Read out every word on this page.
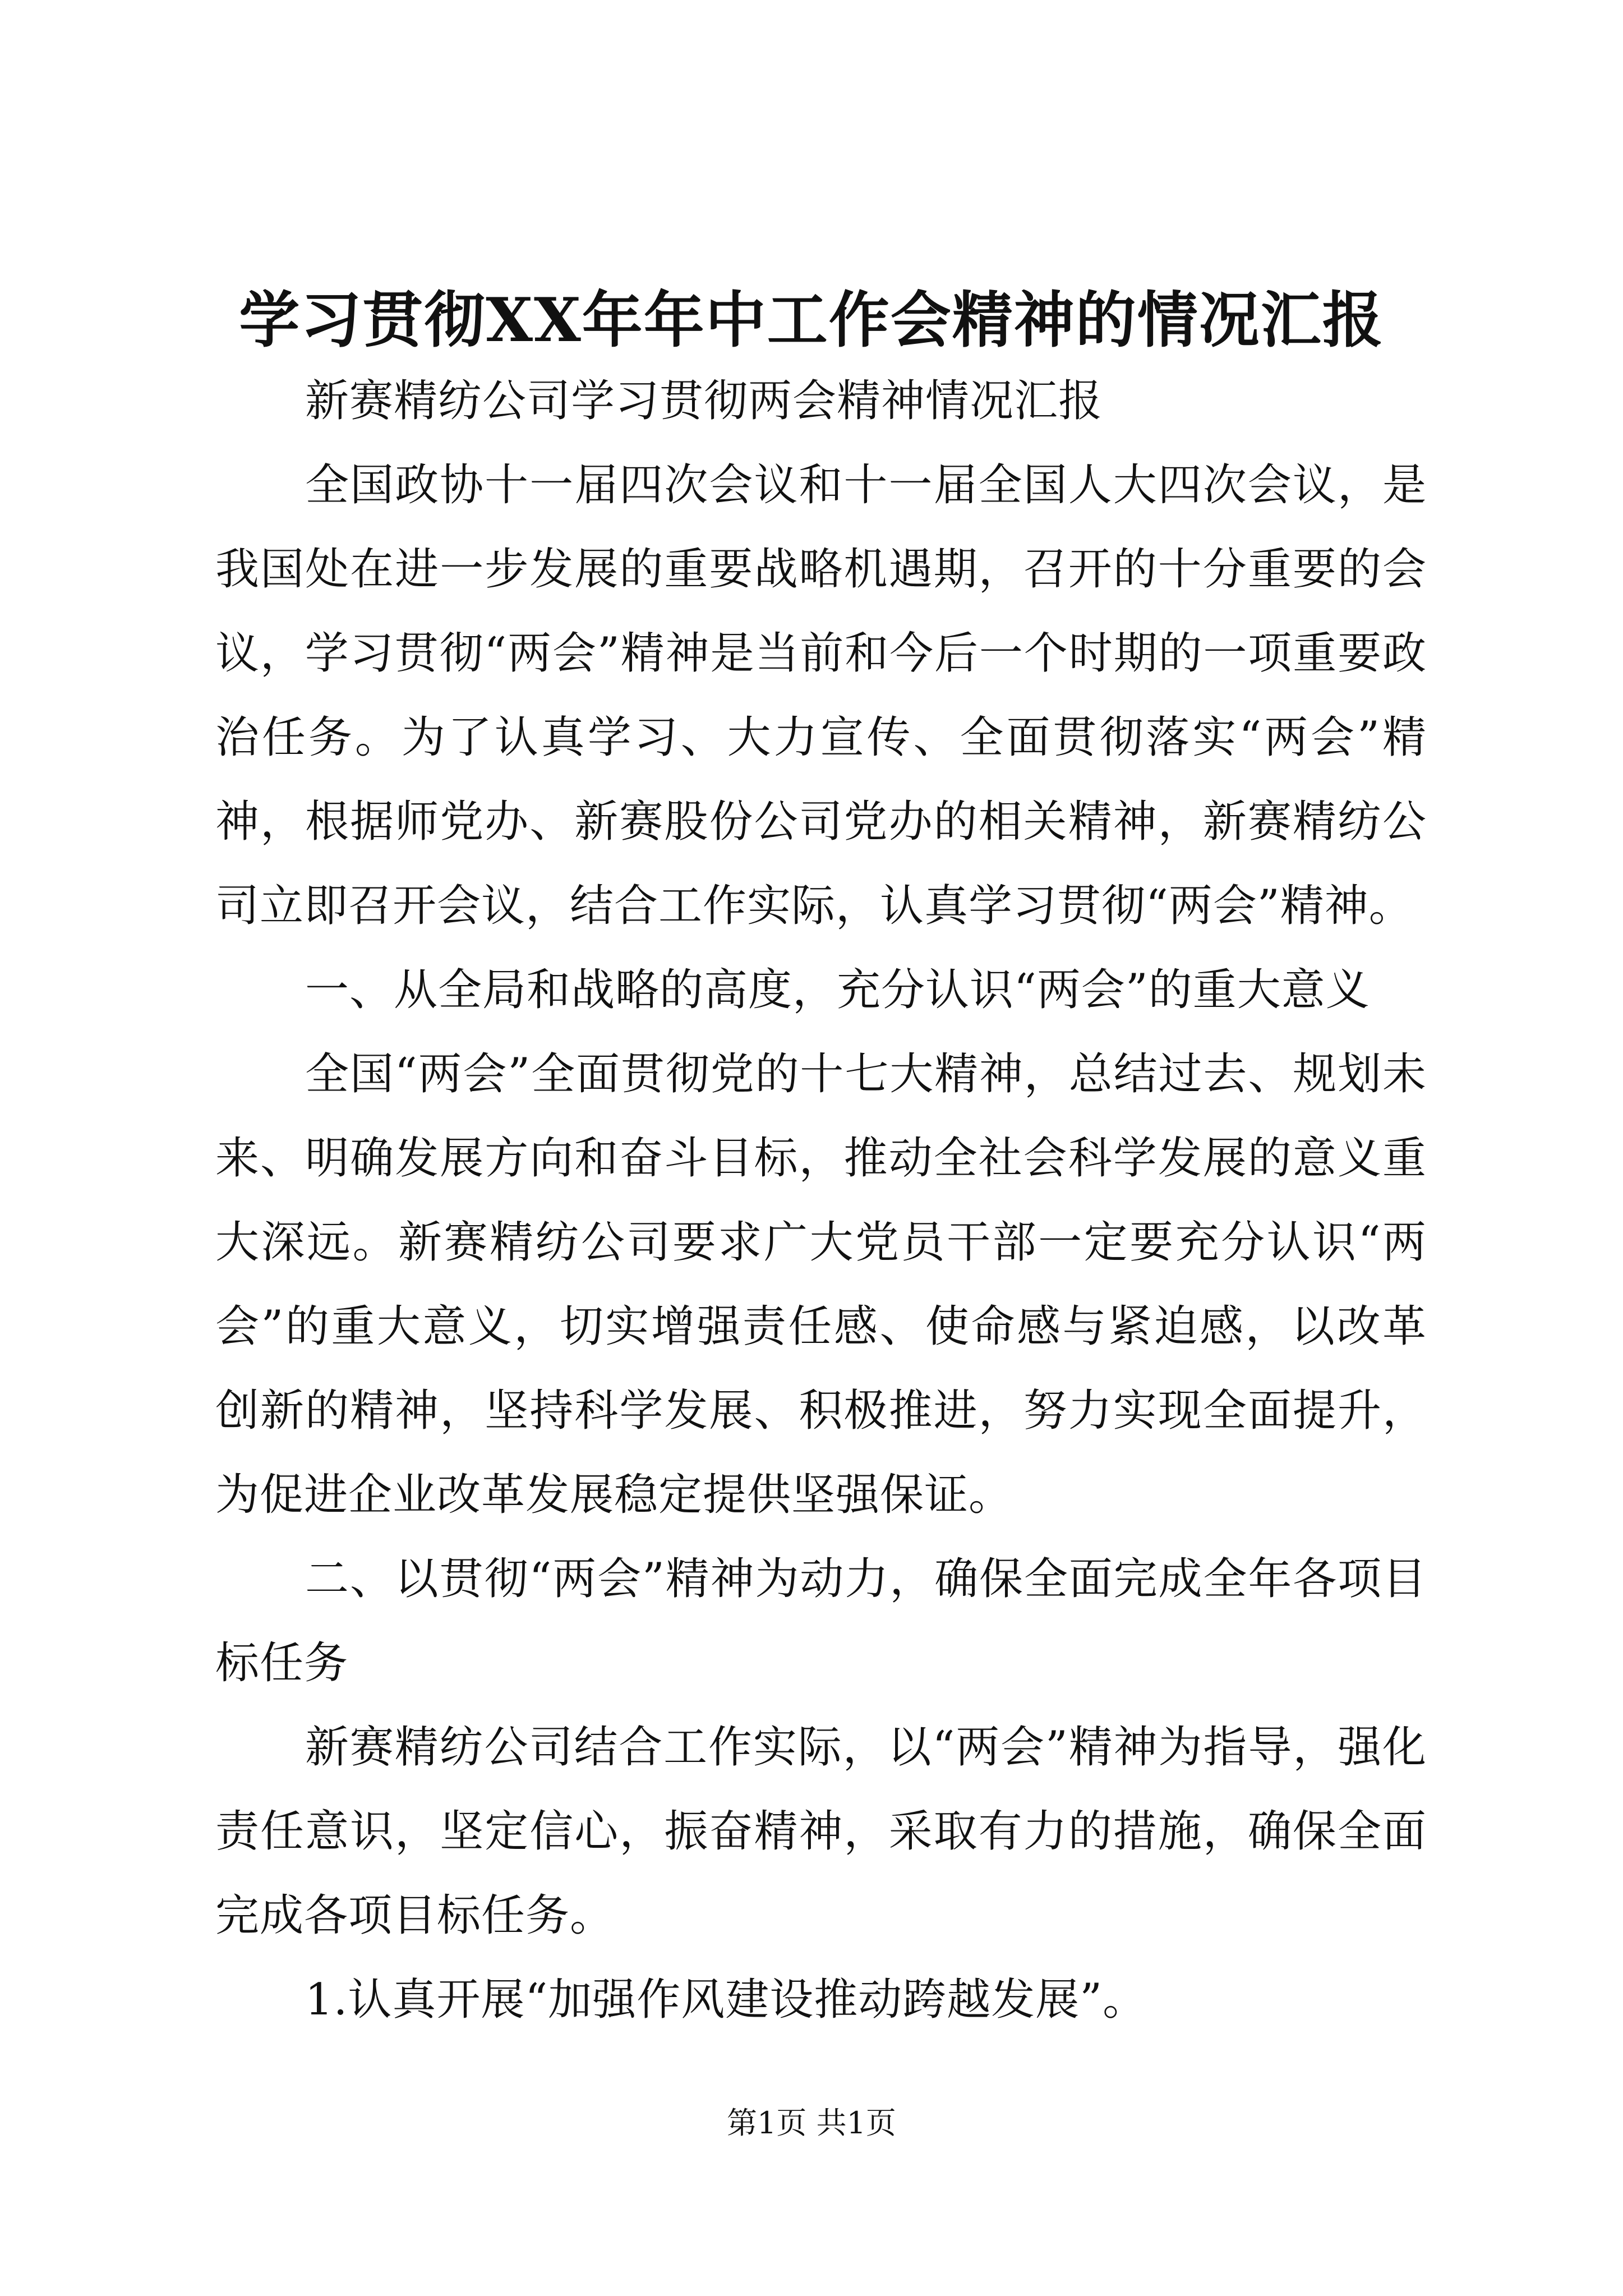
学习贯彻XX年年中工作会精神的情况汇报

新赛精纺公司学习贯彻两会精神情况汇报

全国政协十一届四次会议和十一届全国人大四次会议，是我国处在进一步发展的重要战略机遇期，召开的十分重要的会议，学习贯彻“两会”精神是当前和今后一个时期的一项重要政治任务。为了认真学习、大力宣传、全面贯彻落实“两会”精神，根据师党办、新赛股份公司党办的相关精神，新赛精纺公司立即召开会议，结合工作实际，认真学习贯彻“两会”精神。

一、从全局和战略的高度，充分认识“两会”的重大意义

全国“两会”全面贯彻党的十七大精神，总结过去、规划未来、明确发展方向和奋斗目标，推动全社会科学发展的意义重大深远。新赛精纺公司要求广大党员干部一定要充分认识“两会”的重大意义，切实增强责任感、使命感与紧迫感，以改革创新的精神，坚持科学发展、积极推进，努力实现全面提升，为促进企业改革发展稳定提供坚强保证。

二、以贯彻“两会”精神为动力，确保全面完成全年各项目标任务

新赛精纺公司结合工作实际，以“两会”精神为指导，强化责任意识，坚定信心，振奋精神，采取有力的措施，确保全面完成各项目标任务。

1.认真开展“加强作风建设推动跨越发展”。

第1页 共1页
